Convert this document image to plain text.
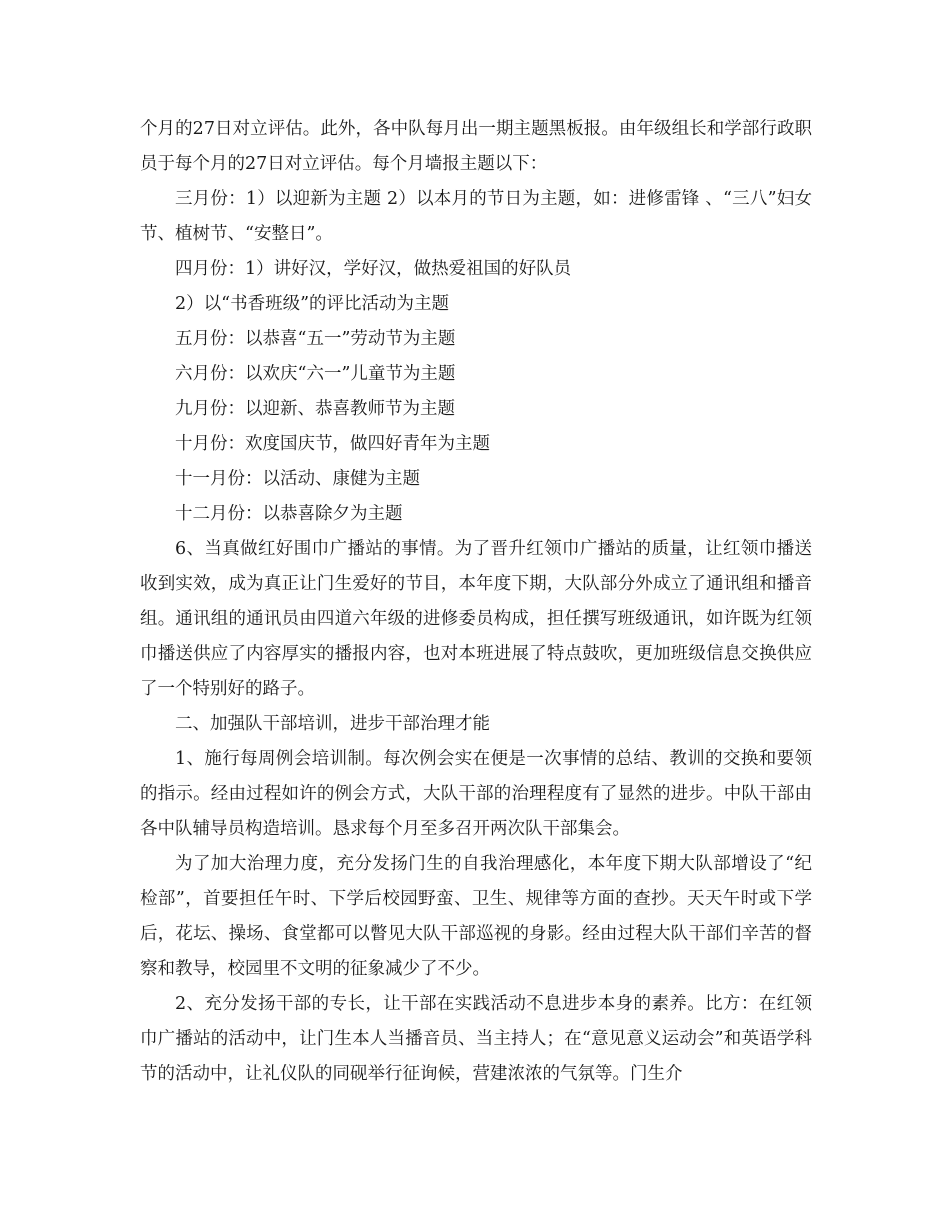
个月的27日对立评估。此外，各中队每月出一期主题黑板报。由年级组长和学部行政职员于每个月的27日对立评估。每个月墙报主题以下：

三月份：1）以迎新为主题 2）以本月的节日为主题，如：进修雷锋 、“三八”妇女节、植树节、“安整日”。

四月份：1）讲好汉，学好汉，做热爱祖国的好队员

2）以“书香班级”的评比活动为主题

五月份：以恭喜“五一”劳动节为主题

六月份：以欢庆“六一”儿童节为主题

九月份：以迎新、恭喜教师节为主题

十月份：欢度国庆节，做四好青年为主题

十一月份：以活动、康健为主题

十二月份：以恭喜除夕为主题

6、当真做红好围巾广播站的事情。为了晋升红领巾广播站的质量，让红领巾播送收到实效，成为真正让门生爱好的节目，本年度下期，大队部分外成立了通讯组和播音组。通讯组的通讯员由四道六年级的进修委员构成，担任撰写班级通讯，如许既为红领巾播送供应了内容厚实的播报内容，也对本班进展了特点鼓吹，更加班级信息交换供应了一个特别好的路子。

二、加强队干部培训，进步干部治理才能

1、施行每周例会培训制。每次例会实在便是一次事情的总结、教训的交换和要领的指示。经由过程如许的例会方式，大队干部的治理程度有了显然的进步。中队干部由各中队辅导员构造培训。恳求每个月至多召开两次队干部集会。

为了加大治理力度，充分发扬门生的自我治理感化，本年度下期大队部增设了“纪检部”，首要担任午时、下学后校园野蛮、卫生、规律等方面的查抄。天天午时或下学后，花坛、操场、食堂都可以瞥见大队干部巡视的身影。经由过程大队干部们辛苦的督察和教导，校园里不文明的征象减少了不少。

2、充分发扬干部的专长，让干部在实践活动不息进步本身的素养。比方：在红领巾广播站的活动中，让门生本人当播音员、当主持人；在“意见意义运动会”和英语学科节的活动中，让礼仪队的同砚举行征询候，营建浓浓的气氛等。门生介
